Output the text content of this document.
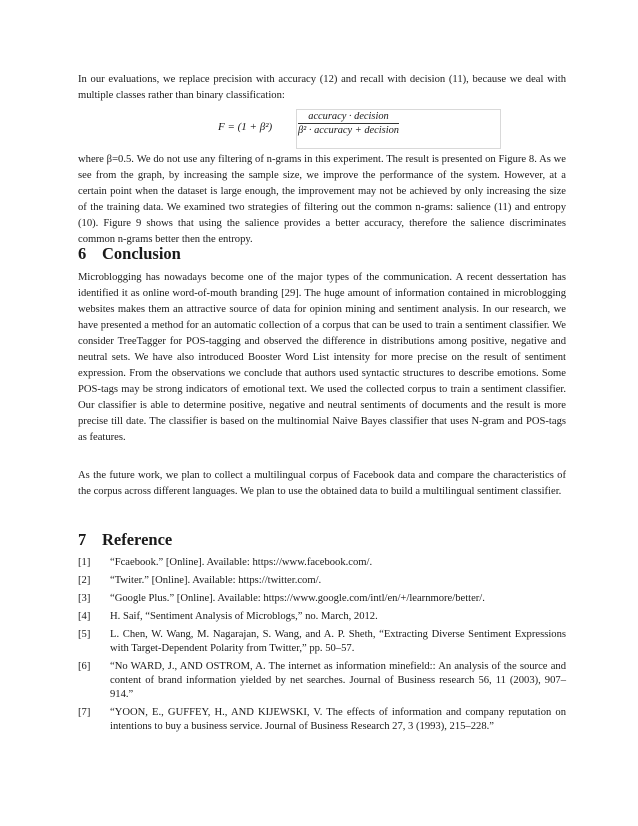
In our evaluations, we replace precision with accuracy (12) and recall with decision (11), because we deal with multiple classes rather than binary classification:

F = (1 + β²)
accuracy · decision
β² · accuracy + decision

where β=0.5. We do not use any filtering of n-grams in this experiment. The result is presented on Figure 8. As we see from the graph, by increasing the sample size, we improve the performance of the system. However, at a certain point when the dataset is large enough, the improvement may not be achieved by only increasing the size of the training data. We examined two strategies of filtering out the common n-grams: salience (11) and entropy (10). Figure 9 shows that using the salience provides a better accuracy, therefore the salience discriminates common n-grams better then the entropy.

6 Conclusion

Microblogging has nowadays become one of the major types of the communication. A recent dessertation has identified it as online word-of-mouth branding [29]. The huge amount of information contained in microblogging websites makes them an attractive source of data for opinion mining and sentiment analysis. In our research, we have presented a method for an automatic collection of a corpus that can be used to train a sentiment classifier. We consider TreeTagger for POS-tagging and observed the difference in distributions among positive, negative and neutral sets. We have also introduced Booster Word List intensity for more precise on the result of sentiment expression. From the observations we conclude that authors used syntactic structures to describe emotions. Some POS-tags may be strong indicators of emotional text. We used the collected corpus to train a sentiment classifier. Our classifier is able to determine positive, negative and neutral sentiments of documents and the result is more precise till date. The classifier is based on the multinomial Naive Bayes classifier that uses N-gram and POS-tags as features.

As the future work, we plan to collect a multilingual corpus of Facebook data and compare the characteristics of the corpus across different languages. We plan to use the obtained data to build a multilingual sentiment classifier.

7 Reference
[1] “Fcaebook.” [Online]. Available: https://www.facebook.com/.
[2] “Twiter.” [Online]. Available: https://twitter.com/.
[3] “Google Plus.” [Online]. Available: https://www.google.com/intl/en/+/learnmore/better/.
[4] H. Saif, “Sentiment Analysis of Microblogs,” no. March, 2012.
[5] L. Chen, W. Wang, M. Nagarajan, S. Wang, and A. P. Sheth, “Extracting Diverse Sentiment Expressions with Target-Dependent Polarity from Twitter,” pp. 50–57.
[6] “No WARD, J., AND OSTROM, A. The internet as information minefield:: An analysis of the source and content of brand information yielded by net searches. Journal of Business research 56, 11 (2003), 907–914.”
[7] “YOON, E., GUFFEY, H., AND KIJEWSKI, V. The effects of information and company reputation on intentions to buy a business service. Journal of Business Research 27, 3 (1993), 215–228.”
